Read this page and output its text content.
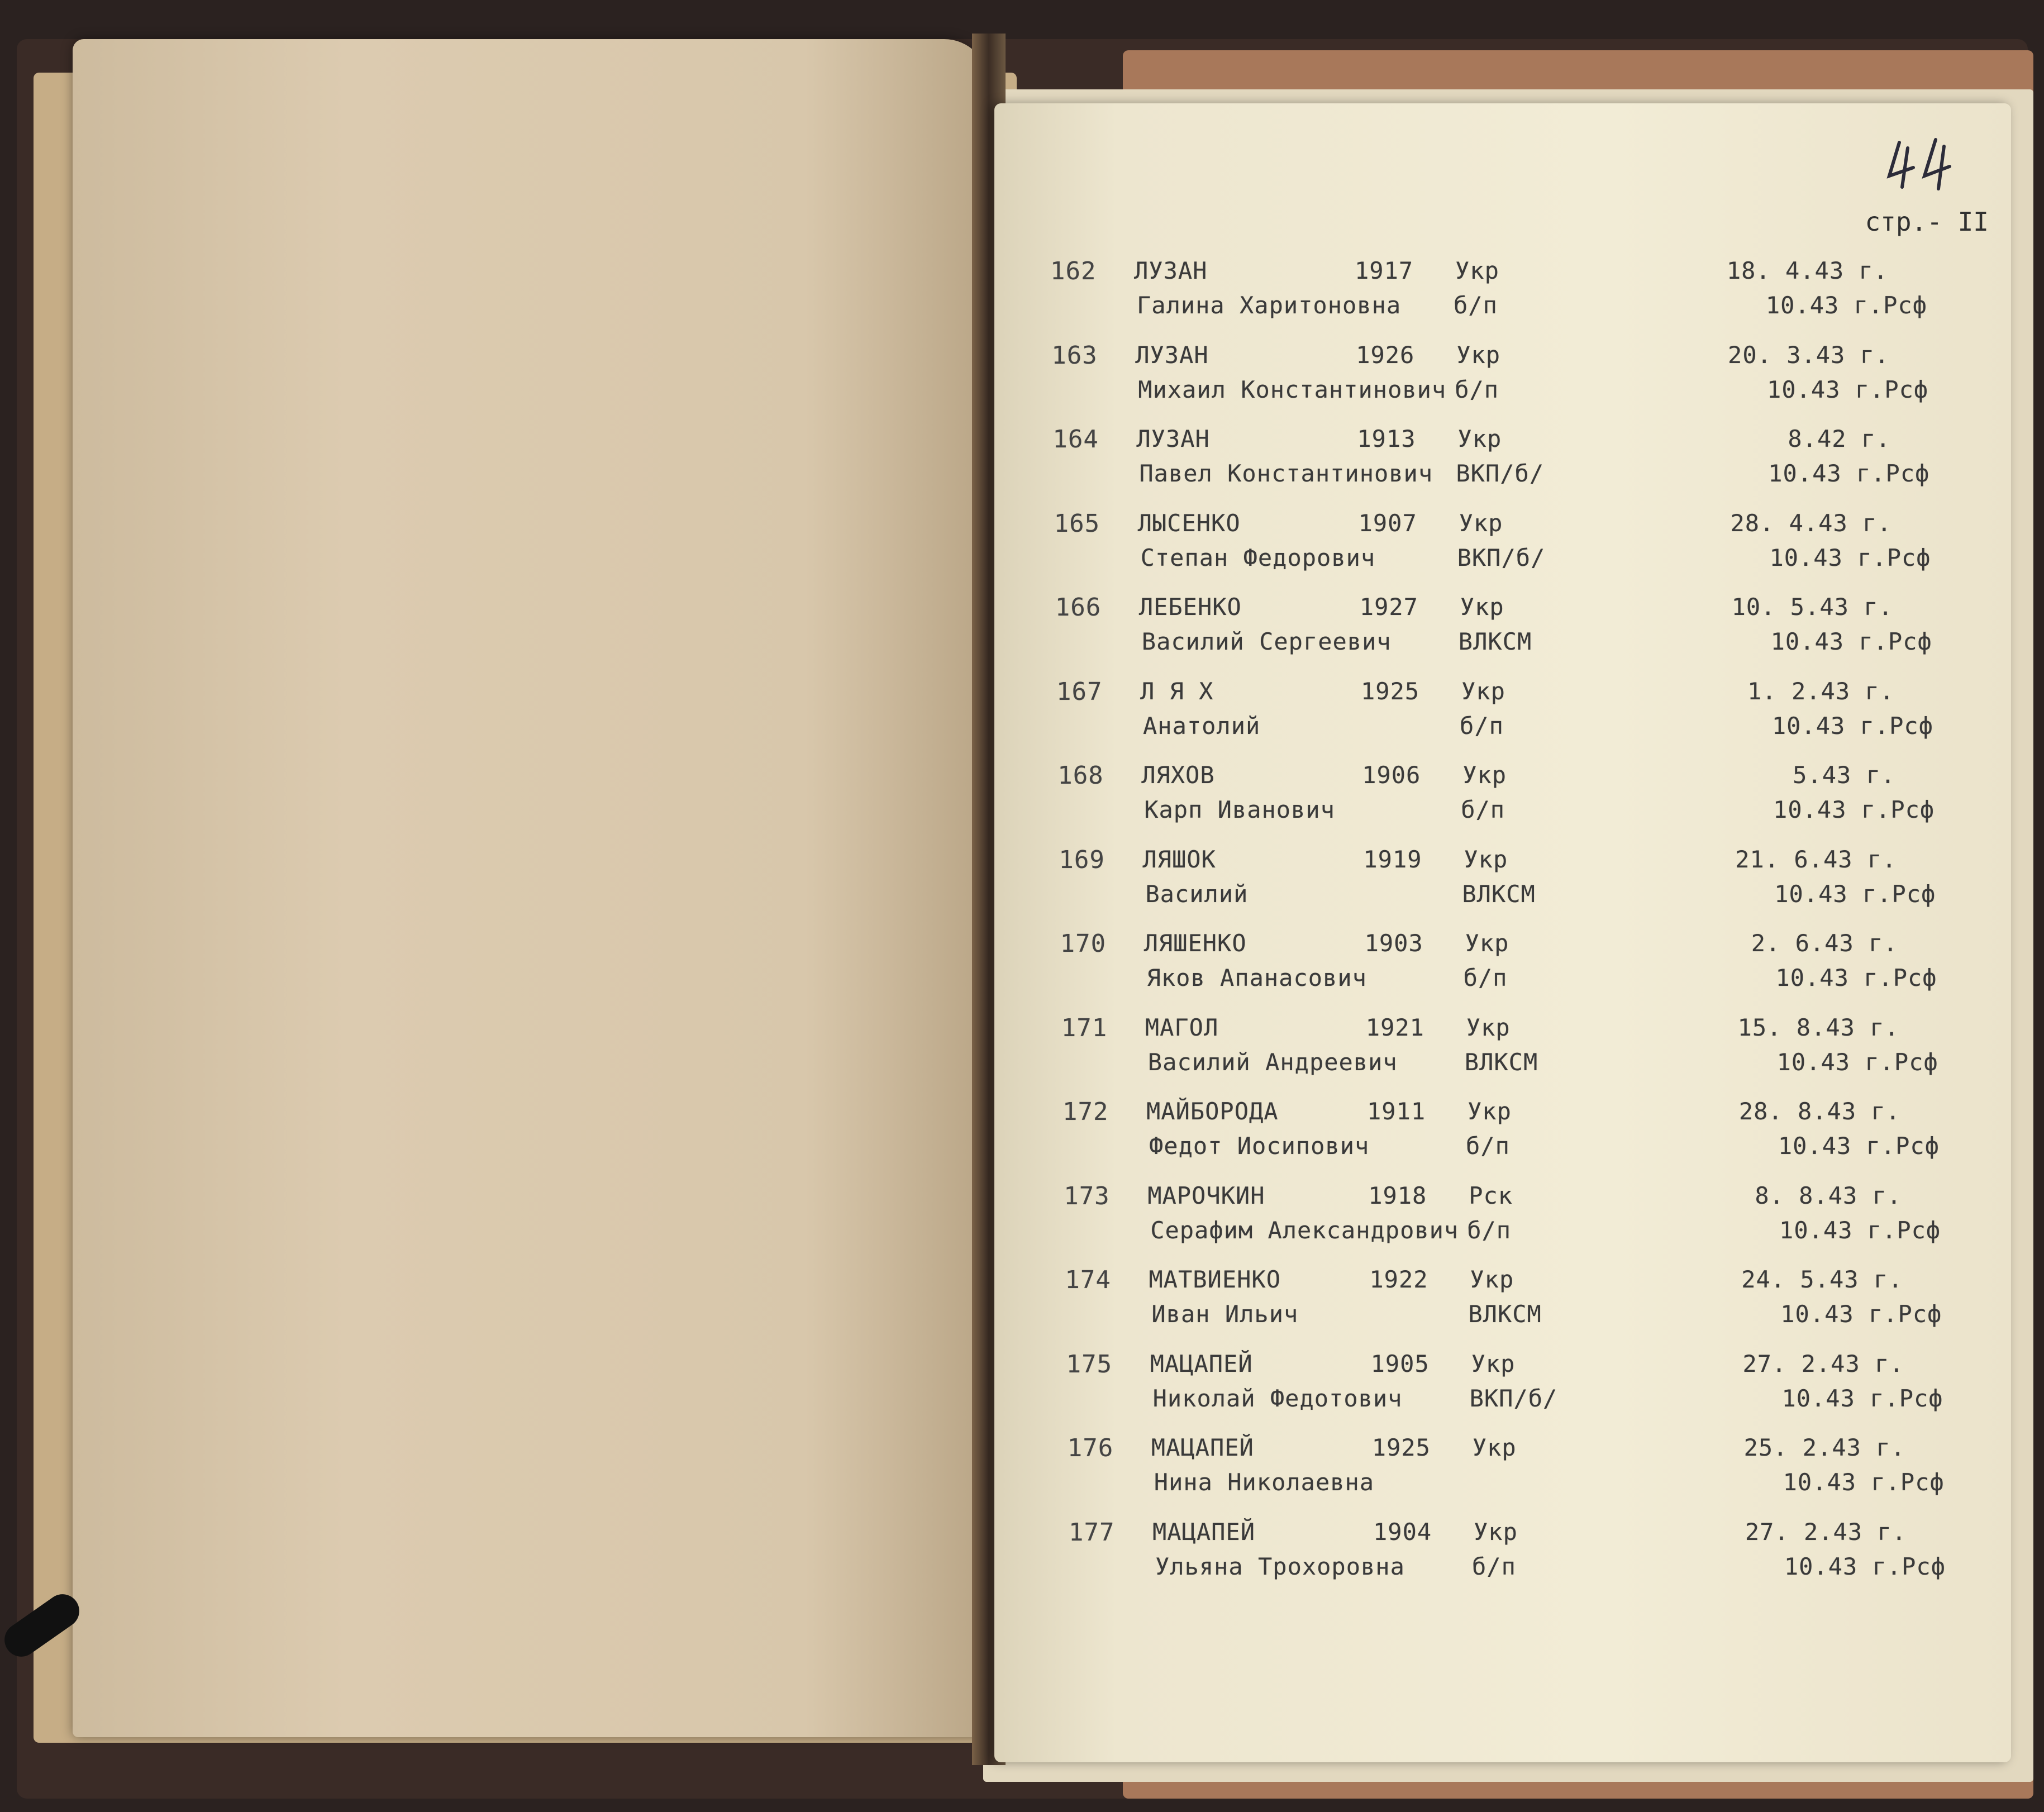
стр.- II
162 ЛУЗАН
Галина Харитоновна
1917 Укр
б/п
18. 4.43 г.
10.43 г.Рсф
163 ЛУЗАН
Михаил Константинович
1926 Укр
б/п
20. 3.43 г.
10.43 г.Рсф
164 ЛУЗАН
Павел Константинович
1913 Укр
ВКП/б/
8.42 г.
10.43 г.Рсф
165 ЛЫСЕНКО
Степан Федорович
1907 Укр
ВКП/б/
28. 4.43 г.
10.43 г.Рсф
166 ЛЕБЕНКО
Василий Сергеевич
1927 Укр
ВЛКСМ
10. 5.43 г.
10.43 г.Рсф
167 Л Я Х
Анатолий
1925 Укр
б/п
1. 2.43 г.
10.43 г.Рсф
168 ЛЯХОВ
Карп Иванович
1906 Укр
б/п
5.43 г.
10.43 г.Рсф
169 ЛЯШОК
Василий
1919 Укр
ВЛКСМ
21. 6.43 г.
10.43 г.Рсф
170 ЛЯШЕНКО
Яков Апанасович
1903 Укр
б/п
2. 6.43 г.
10.43 г.Рсф
171 МАГОЛ
Василий Андреевич
1921 Укр
ВЛКСМ
15. 8.43 г.
10.43 г.Рсф
172 МАЙБОРОДА
Федот Иосипович
1911 Укр
б/п
28. 8.43 г.
10.43 г.Рсф
173 МАРОЧКИН
Серафим Александрович
1918 Рск
б/п
8. 8.43 г.
10.43 г.Рсф
174 МАТВИЕНКО
Иван Ильич
1922 Укр
ВЛКСМ
24. 5.43 г.
10.43 г.Рсф
175 МАЦАПЕЙ
Николай Федотович
1905 Укр
ВКП/б/
27. 2.43 г.
10.43 г.Рсф
176 МАЦАПЕЙ
Нина Николаевна
1925 Укр	25. 2.43 г.
10.43 г.Рсф
177 МАЦАПЕЙ
Ульяна Трохоровна
1904 Укр
б/п
27. 2.43 г.
10.43 г.Рсф
